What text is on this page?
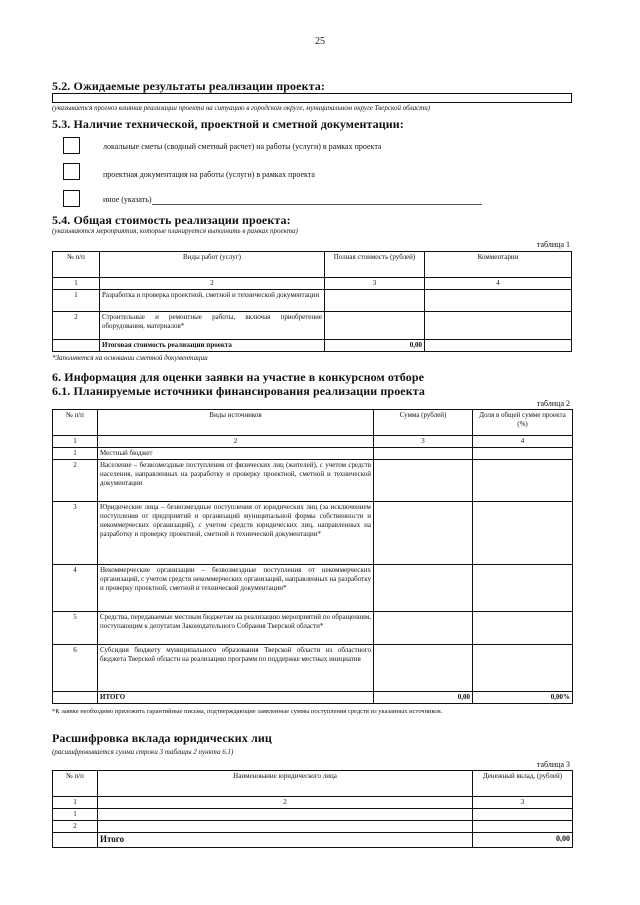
25
5.2. Ожидаемые результаты реализации проекта:
(указывается прогноз влияния реализации проекта на ситуацию в городском округе, муниципальном округе Тверской области)
5.3. Наличие технической, проектной и сметной документации:
локальные сметы (сводный сметный расчет) на работы (услуги) в рамках проекта
проектная документация на работы (услуги) в рамках проекта
иное (указать)
5.4. Общая стоимость реализации проекта:
(указываются мероприятия, которые планируется выполнить в рамках проекта)
таблица 1
№ п/п	Виды работ (услуг)	Полная стоимость (рублей)	Комментарии
1	2	3	4
1	Разработка и проверка проектной, сметной и технической документации		
2	Строительные и ремонтные работы, включая приобретение оборудования, материалов*		
	Итоговая стоимость реализации проекта	0,00	
*Заполняется на основании сметной документации
6. Информация для оценки заявки на участие в конкурсном отборе
6.1. Планируемые источники финансирования реализации проекта
таблица 2
№ п/п	Виды источников	Сумма (рублей)	Доля в общей сумме проекта (%)
1	2	3	4
1	Местный бюджет		
2	Население – безвозмездные поступления от физических лиц (жителей), с учетом средств населения, направленных на разработку и проверку проектной, сметной и технической документации		
3	Юридические лица – безвозмездные поступления от юридических лиц (за исключением поступления от предприятий и организаций муниципальной формы собственности и некоммерческих организаций), с учетом средств юридических лиц, направленных на разработку и проверку проектной, сметной и технической документации*		
4	Некоммерческие организации – безвозмездные поступления от некоммерческих организаций, с учетом средств некоммерческих организаций, направленных на разработку и проверку проектной, сметной и технической документации*		
5	Средства, передаваемые местным бюджетам на реализацию мероприятий по обращениям, поступающим к депутатам Законодательного Собрания Тверской области*		
6	Субсидия бюджету муниципального образования Тверской области из областного бюджета Тверской области на реализацию программ по поддержке местных инициатив		
	ИТОГО	0,00	0,00%
*К заявке необходимо приложить гарантийные письма, подтверждающие заявленные суммы поступления средств из указанных источников.
Расшифровка вклада юридических лиц
(расшифровывается сумма строки 3 таблицы 2 пункта 6.1)
таблица 3
№ п/п	Наименование юридического лица	Денежный вклад, (рублей)
1	2	3
1		
2		
	Итого	0,00
